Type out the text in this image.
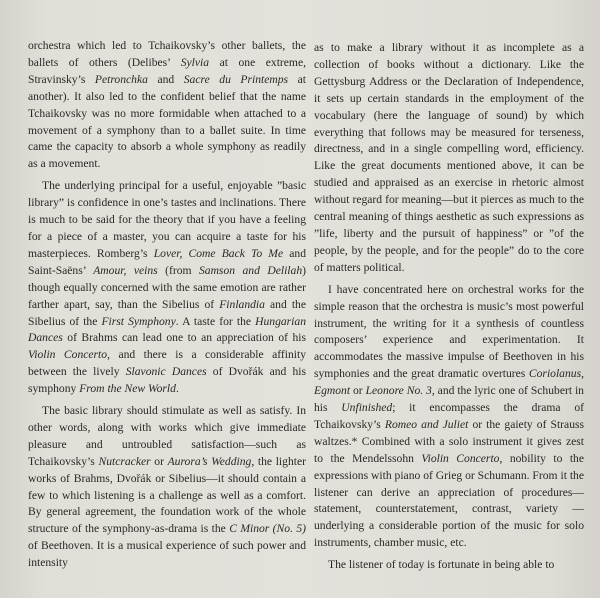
orchestra which led to Tchaikovsky’s other ballets, the ballets of others (Delibes’ Sylvia at one extreme, Stravinsky’s Petronchka and Sacre du Printemps at another). It also led to the confident belief that the name Tchaikovsky was no more formidable when attached to a movement of a symphony than to a ballet suite. In time came the capacity to absorb a whole symphony as readily as a movement.

The underlying principal for a useful, enjoyable ”basic library” is confidence in one’s tastes and inclinations. There is much to be said for the theory that if you have a feeling for a piece of a master, you can acquire a taste for his masterpieces. Romberg’s Lover, Come Back To Me and Saint-Saëns’ Amour, veins (from Samson and Delilah) though equally concerned with the same emotion are rather farther apart, say, than the Sibelius of Finlandia and the Sibelius of the First Symphony. A taste for the Hungarian Dances of Brahms can lead one to an appreciation of his Violin Concerto, and there is a considerable affinity between the lively Slavonic Dances of Dvořák and his symphony From the New World.

The basic library should stimulate as well as satisfy. In other words, along with works which give immediate pleasure and untroubled satisfaction—such as Tchaikovsky’s Nutcracker or Aurora’s Wedding, the lighter works of Brahms, Dvořák or Sibelius—it should contain a few to which listening is a challenge as well as a comfort. By general agreement, the foundation work of the whole structure of the symphony-as-drama is the C Minor (No. 5) of Beethoven. It is a musical experience of such power and intensity

as to make a library without it as incomplete as a collection of books without a dictionary. Like the Gettysburg Address or the Declaration of Independence, it sets up certain standards in the employment of the vocabulary (here the language of sound) by which everything that follows may be measured for terseness, directness, and in a single compelling word, efficiency. Like the great documents mentioned above, it can be studied and appraised as an exercise in rhetoric almost without regard for meaning—but it pierces as much to the central meaning of things aesthetic as such expressions as ”life, liberty and the pursuit of happiness” or ”of the people, by the people, and for the people” do to the core of matters political.

I have concentrated here on orchestral works for the simple reason that the orchestra is music’s most powerful instrument, the writing for it a synthesis of countless composers’ experience and experimentation. It accommodates the massive impulse of Beethoven in his symphonies and the great dramatic overtures Coriolanus, Egmont or Leonore No. 3, and the lyric one of Schubert in his Unfinished; it encompasses the drama of Tchaikovsky’s Romeo and Juliet or the gaiety of Strauss waltzes.* Combined with a solo instrument it gives zest to the Mendelssohn Violin Concerto, nobility to the expressions with piano of Grieg or Schumann. From it the listener can derive an appreciation of procedures—statement, counterstatement, contrast, variety — underlying a considerable portion of the music for solo instruments, chamber music, etc.

The listener of today is fortunate in being able to
